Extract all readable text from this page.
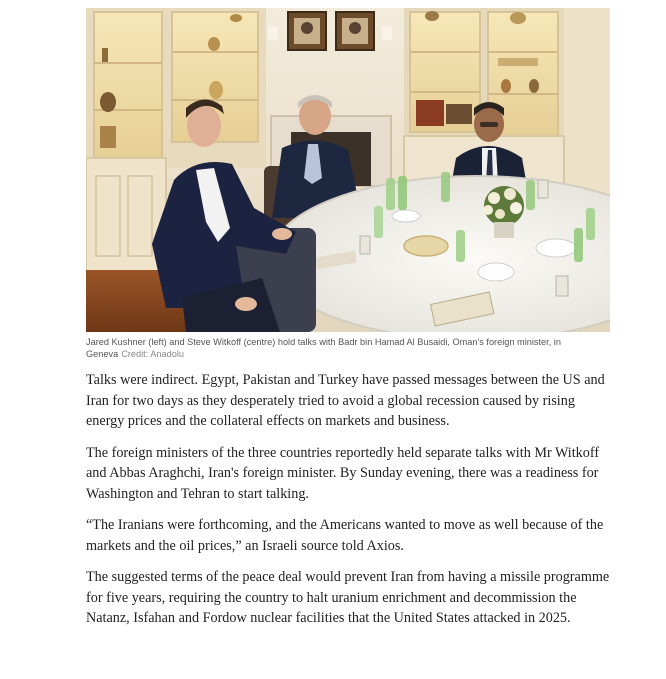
Jared Kushner (left) and Steve Witkoff (centre) hold talks with Badr bin Hamad Al Busaidi, Oman's foreign minister, in Geneva Credit: Anadolu

Talks were indirect. Egypt, Pakistan and Turkey have passed messages between the US and Iran for two days as they desperately tried to avoid a global recession caused by rising energy prices and the collateral effects on markets and business.

The foreign ministers of the three countries reportedly held separate talks with Mr Witkoff and Abbas Araghchi, Iran's foreign minister. By Sunday evening, there was a readiness for Washington and Tehran to start talking.

“The Iranians were forthcoming, and the Americans wanted to move as well because of the markets and the oil prices,” an Israeli source told Axios.

The suggested terms of the peace deal would prevent Iran from having a missile programme for five years, requiring the country to halt uranium enrichment and decommission the Natanz, Isfahan and Fordow nuclear facilities that the United States attacked in 2025.
